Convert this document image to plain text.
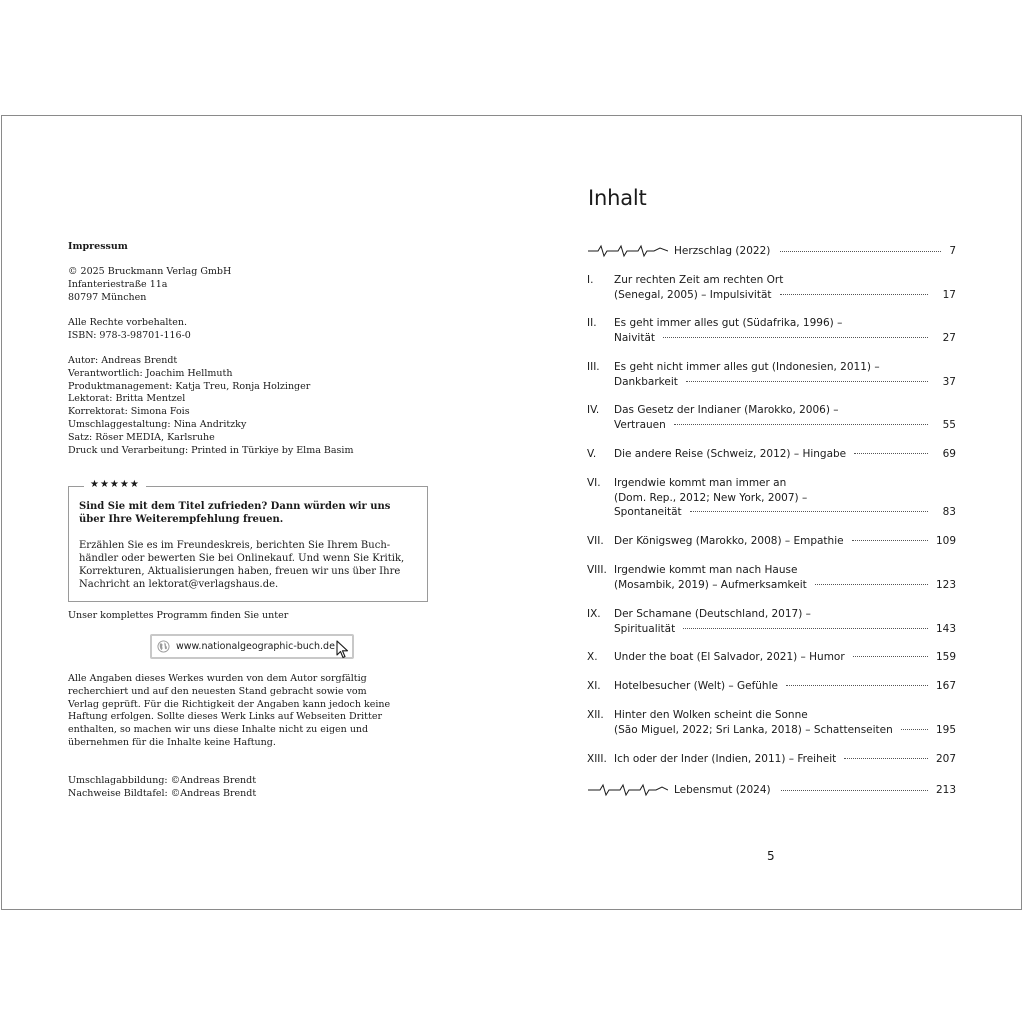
Impressum
© 2025 Bruckmann Verlag GmbH
Infanteriestraße 11a
80797 München
Alle Rechte vorbehalten.
ISBN: 978-3-98701-116-0
Autor: Andreas Brendt
Verantwortlich: Joachim Hellmuth
Produktmanagement: Katja Treu, Ronja Holzinger
Lektorat: Britta Mentzel
Korrektorat: Simona Fois
Umschlaggestaltung: Nina Andritzky
Satz: Röser MEDIA, Karlsruhe
Druck und Verarbeitung: Printed in Türkiye by Elma Basim
★★★★★
Sind Sie mit dem Titel zufrieden? Dann würden wir uns über Ihre Weiterempfehlung freuen.
Erzählen Sie es im Freundeskreis, berichten Sie Ihrem Buch-
händler oder bewerten Sie bei Onlinekauf. Und wenn Sie Kritik,
Korrekturen, Aktualisierungen haben, freuen wir uns über Ihre
Nachricht an lektorat@verlagshaus.de.
Unser komplettes Programm finden Sie unter
www.nationalgeographic-buch.de
Alle Angaben dieses Werkes wurden von dem Autor sorgfältig
recherchiert und auf den neuesten Stand gebracht sowie vom
Verlag geprüft. Für die Richtigkeit der Angaben kann jedoch keine
Haftung erfolgen. Sollte dieses Werk Links auf Webseiten Dritter
enthalten, so machen wir uns diese Inhalte nicht zu eigen und
übernehmen für die Inhalte keine Haftung.
Umschlagabbildung: ©Andreas Brendt
Nachweise Bildtafel: ©Andreas Brendt
Inhalt
Herzschlag (2022)	7
I. Zur rechten Zeit am rechten Ort
(Senegal, 2005) – Impulsivität	17
II. Es geht immer alles gut (Südafrika, 1996) –
Naivität	27
III. Es geht nicht immer alles gut (Indonesien, 2011) –
Dankbarkeit	37
IV. Das Gesetz der Indianer (Marokko, 2006) –
Vertrauen	55
V. Die andere Reise (Schweiz, 2012) – Hingabe	69
VI. Irgendwie kommt man immer an
(Dom. Rep., 2012; New York, 2007) –
Spontaneität	83
VII. Der Königsweg (Marokko, 2008) – Empathie	109
VIII. Irgendwie kommt man nach Hause
(Mosambik, 2019) – Aufmerksamkeit	123
IX. Der Schamane (Deutschland, 2017) –
Spiritualität	143
X. Under the boat (El Salvador, 2021) – Humor	159
XI. Hotelbesucher (Welt) – Gefühle	167
XII. Hinter den Wolken scheint die Sonne
(São Miguel, 2022; Sri Lanka, 2018) – Schattenseiten	195
XIII. Ich oder der Inder (Indien, 2011) – Freiheit	207
Lebensmut (2024)	213
5
